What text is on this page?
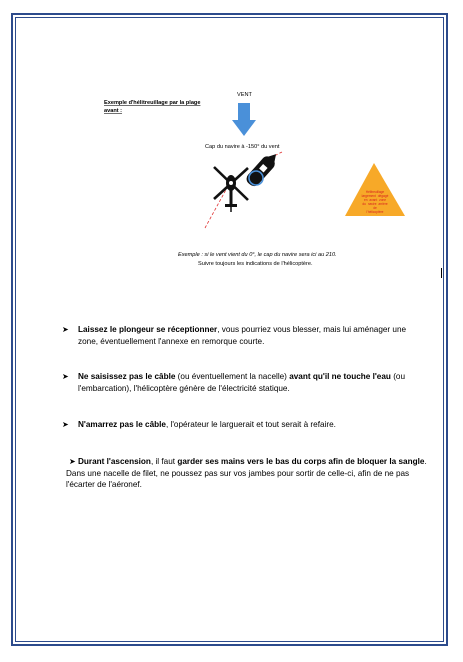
Exemple d'hélitreuillage par la plage
avant :
VENT
Cap du navire à -150° du vent
Hélitreuillage
largement dégagé
en avant zone
du navire arrière
de
l'hélicoptère
Exemple : si le vent vient du 0°, le cap du navire sera ici au 210.
Suivre toujours les indications de l'hélicoptère.
➤	Laissez le plongeur se réceptionner, vous pourriez vous blesser, mais lui aménager une zone, éventuellement l'annexe en remorque courte.
➤	Ne saisissez pas le câble (ou éventuellement la nacelle) avant qu'il ne touche l'eau (ou l'embarcation), l'hélicoptère génère de l'électricité statique.
➤	N'amarrez pas le câble, l'opérateur le larguerait et tout serait à refaire.
➤ Durant l'ascension, il faut garder ses mains vers le bas du corps afin de bloquer la sangle. Dans une nacelle de filet, ne poussez pas sur vos jambes pour sortir de celle-ci, afin de ne pas l'écarter de l'aéronef.
